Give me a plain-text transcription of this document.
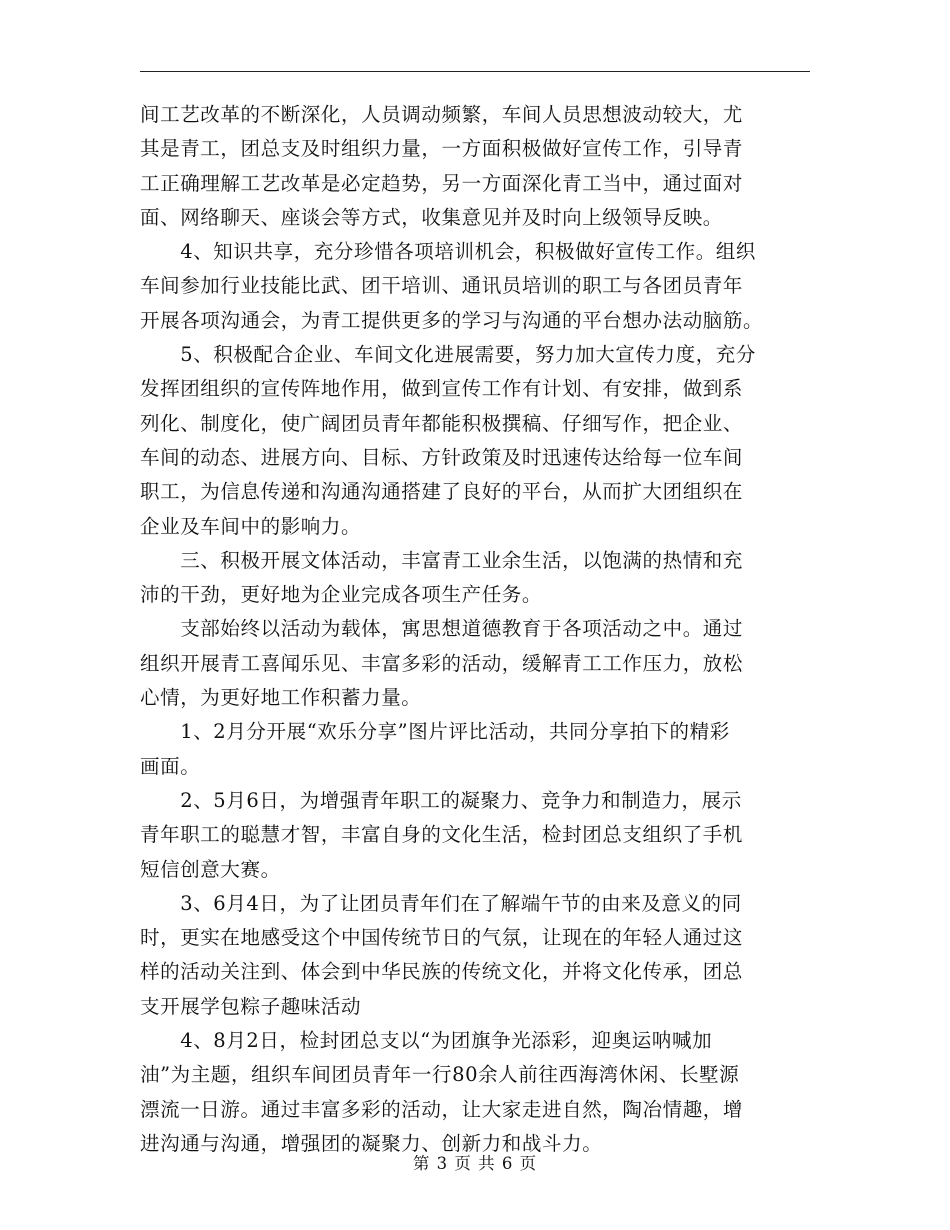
间工艺改革的不断深化，人员调动频繁，车间人员思想波动较大，尤
其是青工，团总支及时组织力量，一方面积极做好宣传工作，引导青
工正确理解工艺改革是必定趋势，另一方面深化青工当中，通过面对
面、网络聊天、座谈会等方式，收集意见并及时向上级领导反映。
　　4、知识共享，充分珍惜各项培训机会，积极做好宣传工作。组织
车间参加行业技能比武、团干培训、通讯员培训的职工与各团员青年
开展各项沟通会，为青工提供更多的学习与沟通的平台想办法动脑筋。
　　5、积极配合企业、车间文化进展需要，努力加大宣传力度，充分
发挥团组织的宣传阵地作用，做到宣传工作有计划、有安排，做到系
列化、制度化，使广阔团员青年都能积极撰稿、仔细写作，把企业、
车间的动态、进展方向、目标、方针政策及时迅速传达给每一位车间
职工，为信息传递和沟通沟通搭建了良好的平台，从而扩大团组织在
企业及车间中的影响力。
　　三、积极开展文体活动，丰富青工业余生活，以饱满的热情和充
沛的干劲，更好地为企业完成各项生产任务。
　　支部始终以活动为载体，寓思想道德教育于各项活动之中。通过
组织开展青工喜闻乐见、丰富多彩的活动，缓解青工工作压力，放松
心情，为更好地工作积蓄力量。
　　1、2月分开展“欢乐分享”图片评比活动，共同分享拍下的精彩
画面。
　　2、5月6日，为增强青年职工的凝聚力、竞争力和制造力，展示
青年职工的聪慧才智，丰富自身的文化生活，检封团总支组织了手机
短信创意大赛。
　　3、6月4日，为了让团员青年们在了解端午节的由来及意义的同
时，更实在地感受这个中国传统节日的气氛，让现在的年轻人通过这
样的活动关注到、体会到中华民族的传统文化，并将文化传承，团总
支开展学包粽子趣味活动
　　4、8月2日，检封团总支以“为团旗争光添彩，迎奥运呐喊加
油”为主题，组织车间团员青年一行80余人前往西海湾休闲、长墅源
漂流一日游。通过丰富多彩的活动，让大家走进自然，陶冶情趣，增
进沟通与沟通，增强团的凝聚力、创新力和战斗力。
第 3 页 共 6 页
